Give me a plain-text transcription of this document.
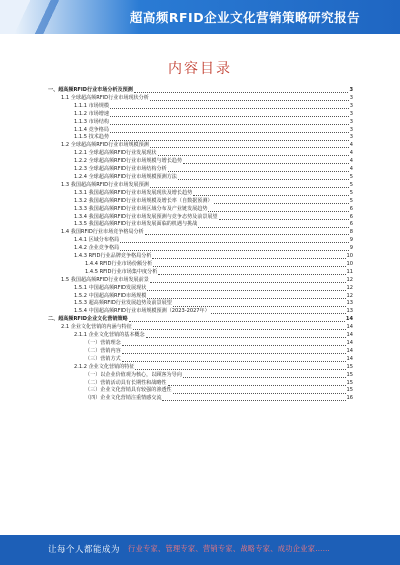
超高频RFID企业文化营销策略研究报告
内容目录
一、超高频RFID行业市场分析及预测	3
1.1 全球超高频RFID行业市场现状分析	3
1.1.1 市场规模	3
1.1.2 市场增速	3
1.1.3 市场结构	3
1.1.4 竞争格局	3
1.1.5 技术趋势	3
1.2 全球超高频RFID行业市场规模预测	4
1.2.1 全球超高频RFID行业发展现状	4
1.2.2 全球超高频RFID行业市场规模与增长趋势	4
1.2.3 全球超高频RFID行业市场结构分析	4
1.2.4 全球超高频RFID行业市场规模预测方法	5
1.3 我国超高频RFID行业市场发展预测	5
1.3.1 我国超高频RFID行业市场发展现状及增长趋势	5
1.3.2 我国超高频RFID行业市场规模及增长率（自数据预测）	5
1.3.3 我国超高频RFID行业市场区域分布及产业链发展趋势	6
1.3.4 我国超高频RFID行业市场发展预测与竞争态势及前景展望	6
1.3.5 我国超高频RFID行业市场发展面临的机遇与挑战	6
1.4 我国RFID行业市场竞争格局分析	8
1.4.1 区域分布格局	9
1.4.2 企业竞争格局	9
1.4.3 RFID行业品牌竞争格局分析	10
1.4.4 RFID行业市场份额分析	10
1.4.5 RFID行业市场集中度分析	11
1.5 我国超高频RFID行业市场发展前景	12
1.5.1 中国超高频RFID发展现状	12
1.5.2 中国超高频RFID市场规模	12
1.5.3 超高频RFID行业发展趋势及前景展望	13
1.5.4 中国超高频RFID行业市场规模预测（2023-2027年）	13
二、超高频RFID企业文化营销策略	14
2.1 企业文化营销的内涵与特征	14
2.1.1 企业文化营销的基本概念	14
（一）营销理念	14
（二）营销内容	14
（三）营销方式	14
2.1.2 企业文化营销的特征	15
（一）以企业价值观为核心，以顾客为导向	15
（二）营销活动具有长期性和战略性	15
（三）企业文化营销具有较强的渗透性	15
（四）企业文化营销注重情感交流	16
让每个人都能成为 行业专家、管理专家、营销专家、战略专家、成功企业家……
